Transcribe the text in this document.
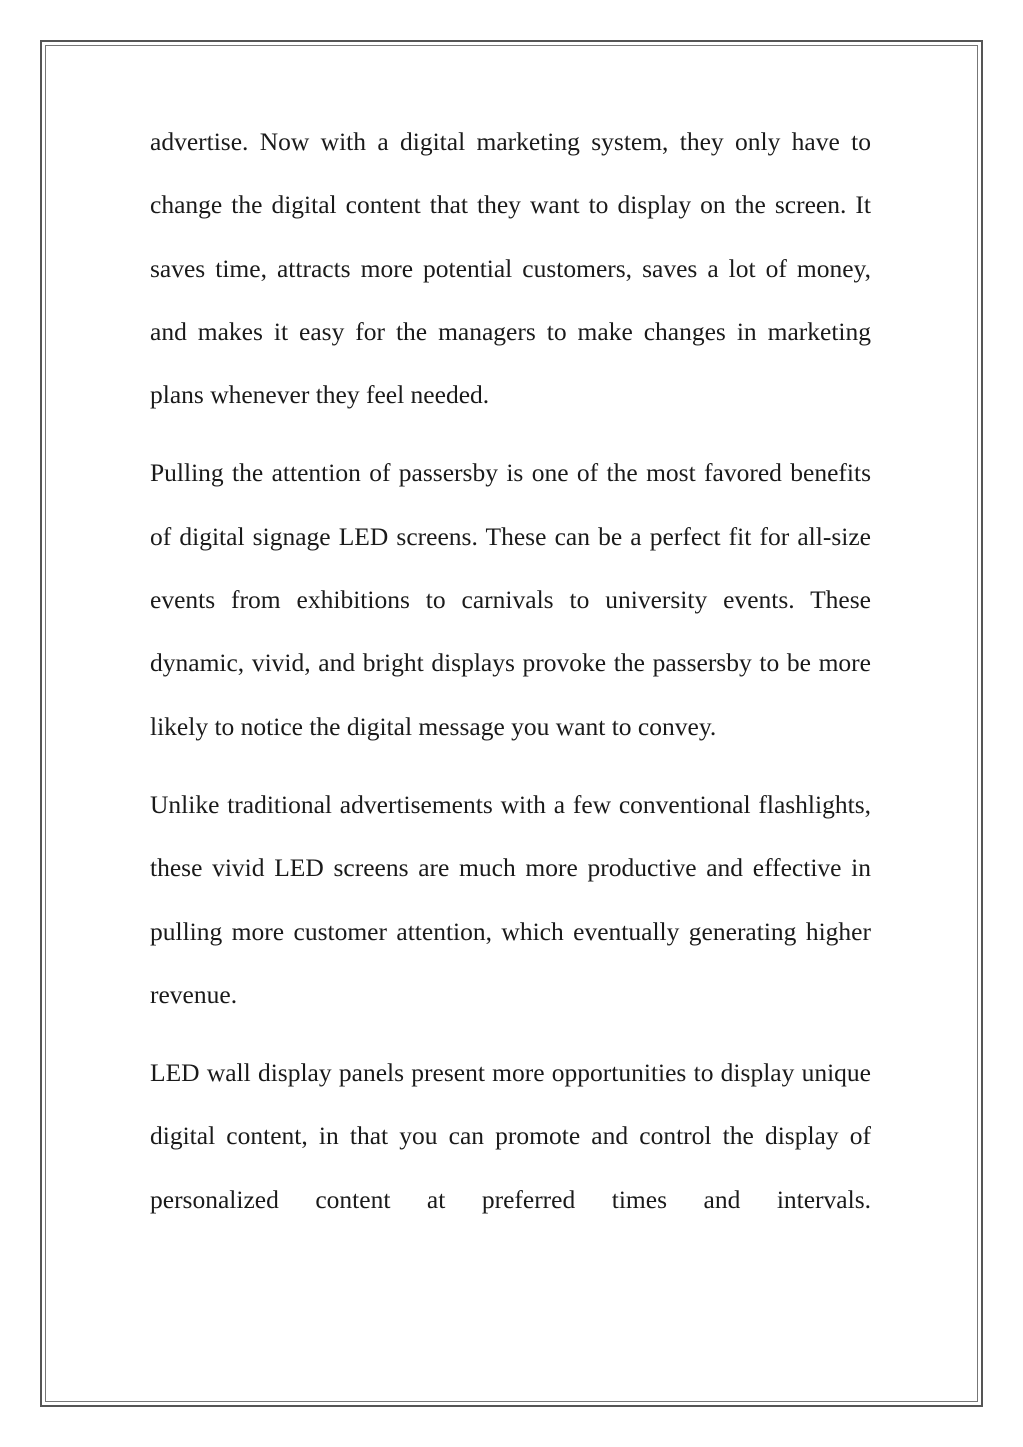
advertise. Now with a digital marketing system, they only have to change the digital content that they want to display on the screen. It saves time, attracts more potential customers, saves a lot of money, and makes it easy for the managers to make changes in marketing plans whenever they feel needed.

Pulling the attention of passersby is one of the most favored benefits of digital signage LED screens. These can be a perfect fit for all-size events from exhibitions to carnivals to university events. These dynamic, vivid, and bright displays provoke the passersby to be more likely to notice the digital message you want to convey.

Unlike traditional advertisements with a few conventional flashlights, these vivid LED screens are much more productive and effective in pulling more customer attention, which eventually generating higher revenue.

LED wall display panels present more opportunities to display unique digital content, in that you can promote and control the display of personalized content at preferred times and intervals.
